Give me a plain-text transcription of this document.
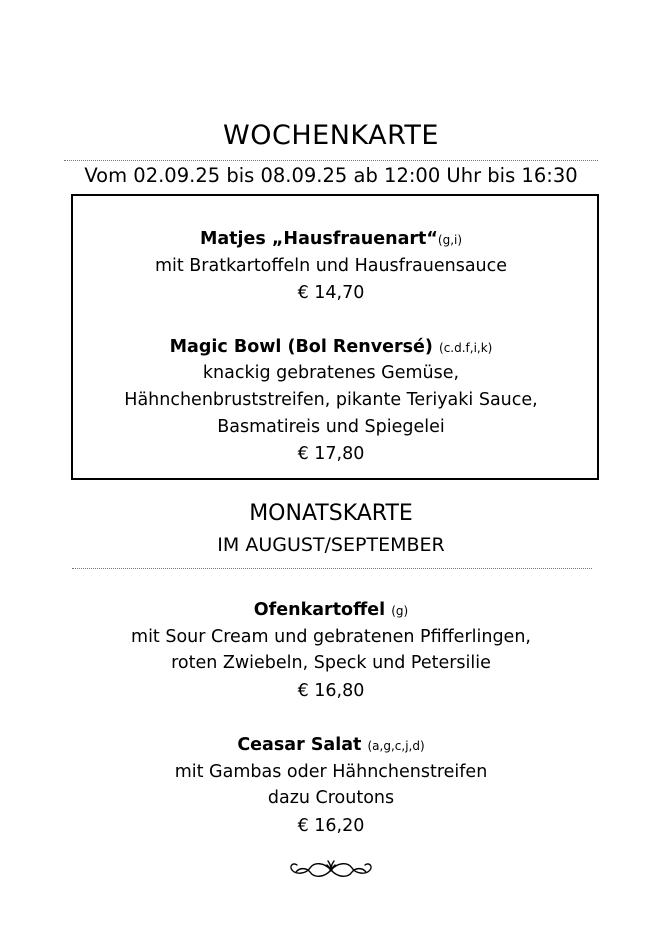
WOCHENKARTE
Vom 02.09.25 bis 08.09.25 ab 12:00 Uhr bis 16:30
Matjes „Hausfrauenart“(g,i)
mit Bratkartoffeln und Hausfrauensauce
€ 14,70
Magic Bowl (Bol Renversé) (c.d.f,i,k)
knackig gebratenes Gemüse,
Hähnchenbruststreifen, pikante Teriyaki Sauce,
Basmatireis und Spiegelei
€ 17,80
MONATSKARTE
IM AUGUST/SEPTEMBER
Ofenkartoffel (g)
mit Sour Cream und gebratenen Pfifferlingen,
roten Zwiebeln, Speck und Petersilie
€ 16,80
Ceasar Salat (a,g,c,j,d)
mit Gambas oder Hähnchenstreifen
dazu Croutons
€ 16,20
